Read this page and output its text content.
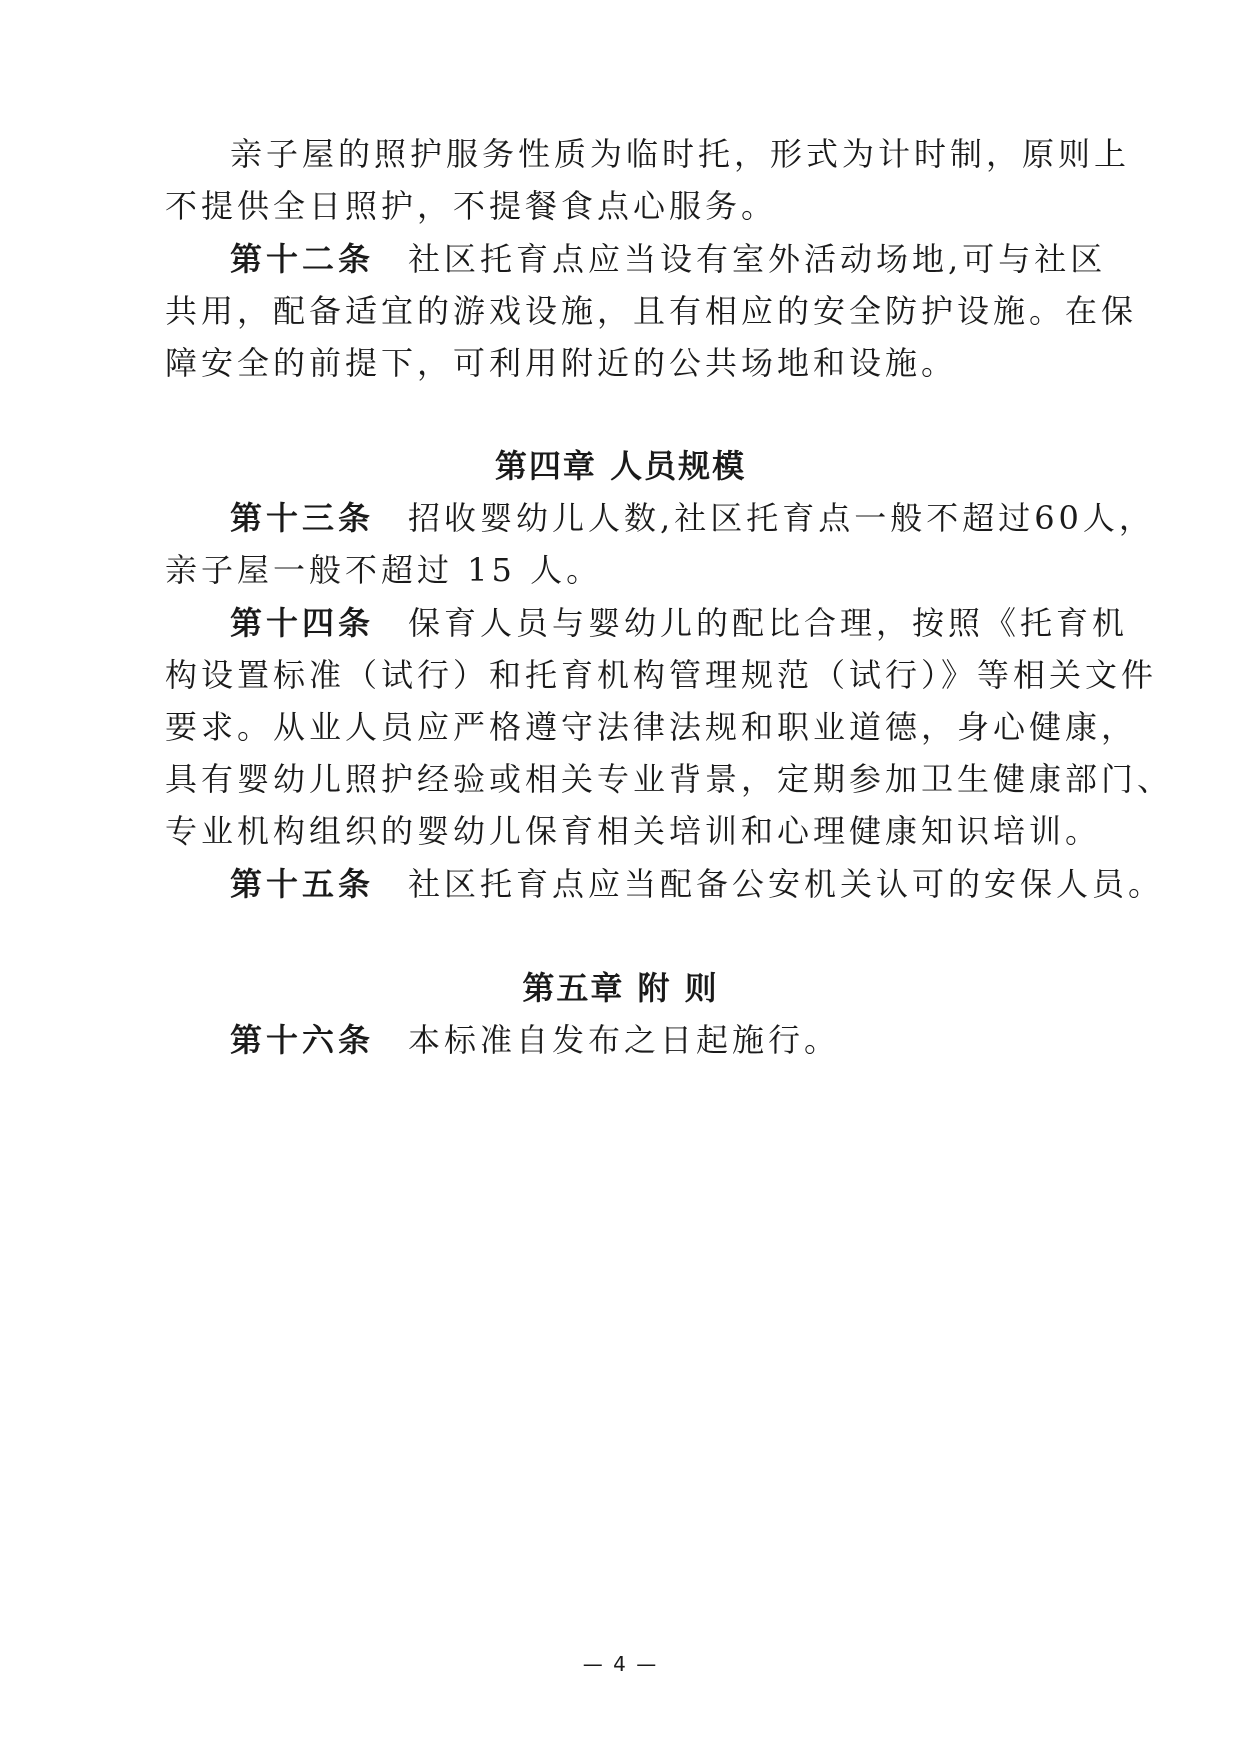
亲子屋的照护服务性质为临时托，形式为计时制，原则上
不提供全日照护，不提餐食点心服务。
第十二条 社区托育点应当设有室外活动场地,可与社区
共用，配备适宜的游戏设施，且有相应的安全防护设施。在保
障安全的前提下，可利用附近的公共场地和设施。
第四章 人员规模
第十三条 招收婴幼儿人数,社区托育点一般不超过60人，
亲子屋一般不超过 15 人。
第十四条 保育人员与婴幼儿的配比合理，按照《托育机
构设置标准（试行）和托育机构管理规范（试行）》等相关文件
要求。从业人员应严格遵守法律法规和职业道德，身心健康，
具有婴幼儿照护经验或相关专业背景，定期参加卫生健康部门、
专业机构组织的婴幼儿保育相关培训和心理健康知识培训。
第十五条 社区托育点应当配备公安机关认可的安保人员。
第五章 附 则
第十六条 本标准自发布之日起施行。
— 4 —
